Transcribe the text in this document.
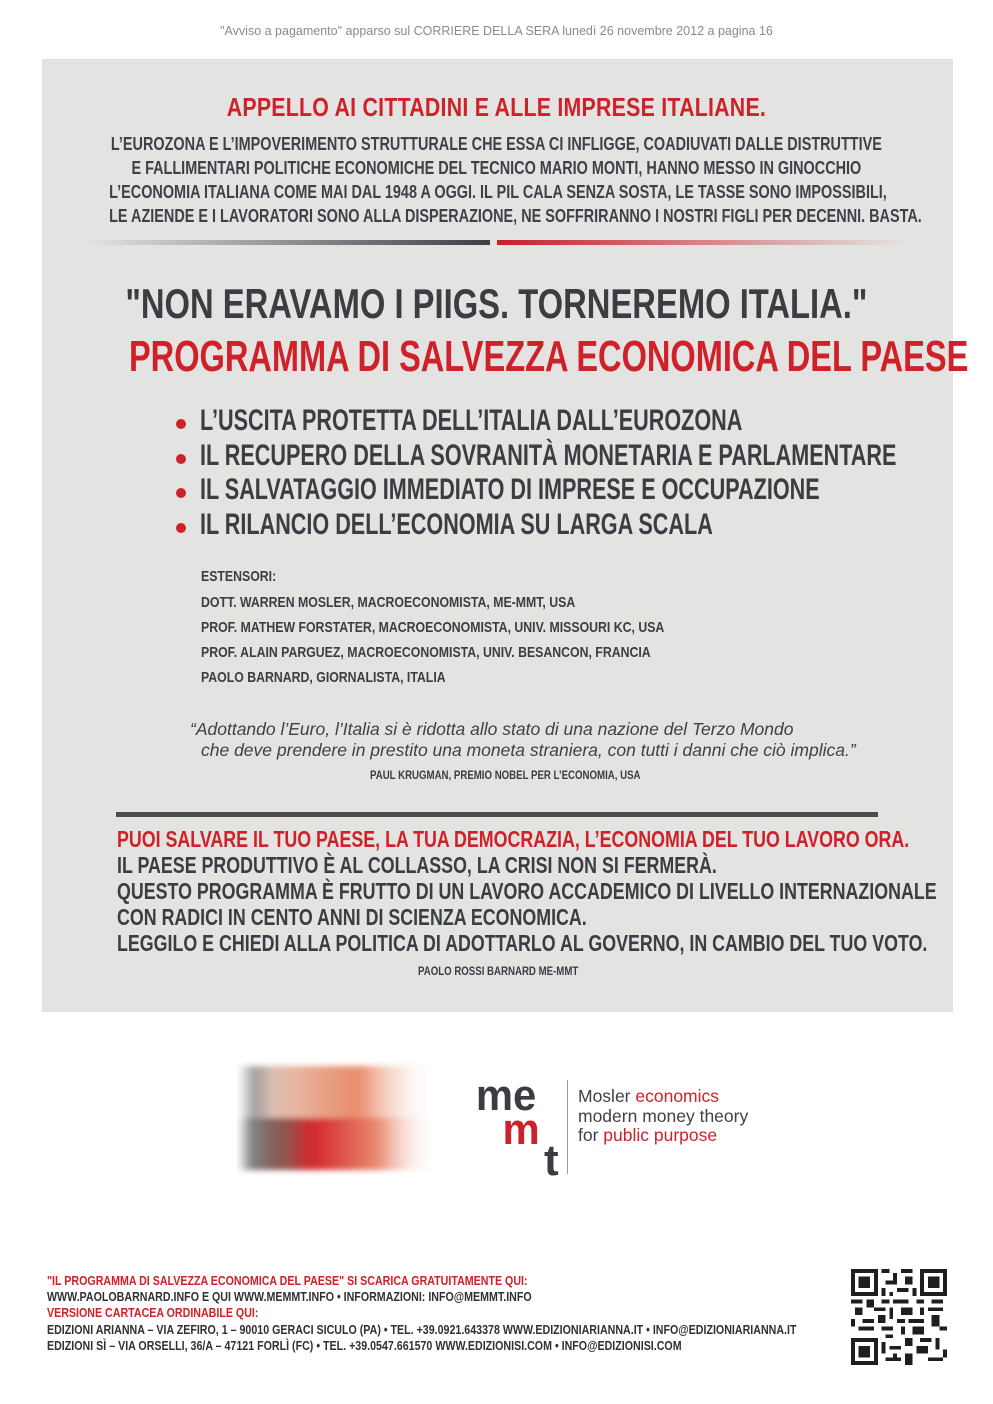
"Avviso a pagamento" apparso sul CORRIERE DELLA SERA lunedì 26 novembre 2012 a pagina 16
APPELLO AI CITTADINI E ALLE IMPRESE ITALIANE.
L’EUROZONA E L’IMPOVERIMENTO STRUTTURALE CHE ESSA CI INFLIGGE, COADIUVATI DALLE DISTRUTTIVE
E FALLIMENTARI POLITICHE ECONOMICHE DEL TECNICO MARIO MONTI, HANNO MESSO IN GINOCCHIO
L’ECONOMIA ITALIANA COME MAI DAL 1948 A OGGI. IL PIL CALA SENZA SOSTA, LE TASSE SONO IMPOSSIBILI,
LE AZIENDE E I LAVORATORI SONO ALLA DISPERAZIONE, NE SOFFRIRANNO I NOSTRI FIGLI PER DECENNI. BASTA.
"NON ERAVAMO I PIIGS. TORNEREMO ITALIA."
PROGRAMMA DI SALVEZZA ECONOMICA DEL PAESE
L’USCITA PROTETTA DELL’ITALIA DALL’EUROZONA
IL RECUPERO DELLA SOVRANITÀ MONETARIA E PARLAMENTARE
IL SALVATAGGIO IMMEDIATO DI IMPRESE E OCCUPAZIONE
IL RILANCIO DELL’ECONOMIA SU LARGA SCALA
ESTENSORI:
DOTT. WARREN MOSLER, MACROECONOMISTA, ME-MMT, USA
PROF. MATHEW FORSTATER, MACROECONOMISTA, UNIV. MISSOURI KC, USA
PROF. ALAIN PARGUEZ, MACROECONOMISTA, UNIV. BESANCON, FRANCIA
PAOLO BARNARD, GIORNALISTA, ITALIA
“Adottando l’Euro, l’Italia si è ridotta allo stato di una nazione del Terzo Mondo
che deve prendere in prestito una moneta straniera, con tutti i danni che ciò implica.”
PAUL KRUGMAN, PREMIO NOBEL PER L’ECONOMIA, USA
PUOI SALVARE IL TUO PAESE, LA TUA DEMOCRAZIA, L’ECONOMIA DEL TUO LAVORO ORA.
IL PAESE PRODUTTIVO È AL COLLASSO, LA CRISI NON SI FERMERÀ.
QUESTO PROGRAMMA È FRUTTO DI UN LAVORO ACCADEMICO DI LIVELLO INTERNAZIONALE
CON RADICI IN CENTO ANNI DI SCIENZA ECONOMICA.
LEGGILO E CHIEDI ALLA POLITICA DI ADOTTARLO AL GOVERNO, IN CAMBIO DEL TUO VOTO.
PAOLO ROSSI BARNARD ME-MMT
me
m
t
Mosler economics
modern money theory
for public purpose
"IL PROGRAMMA DI SALVEZZA ECONOMICA DEL PAESE" SI SCARICA GRATUITAMENTE QUI:
WWW.PAOLOBARNARD.INFO E QUI WWW.MEMMT.INFO • INFORMAZIONI: INFO@MEMMT.INFO
VERSIONE CARTACEA ORDINABILE QUI:
EDIZIONI ARIANNA – VIA ZEFIRO, 1 – 90010 GERACI SICULO (PA) • TEL. +39.0921.643378 WWW.EDIZIONIARIANNA.IT • INFO@EDIZIONIARIANNA.IT
EDIZIONI SÌ – VIA ORSELLI, 36/A – 47121 FORLÌ (FC) • TEL. +39.0547.661570 WWW.EDIZIONISI.COM • INFO@EDIZIONISI.COM
